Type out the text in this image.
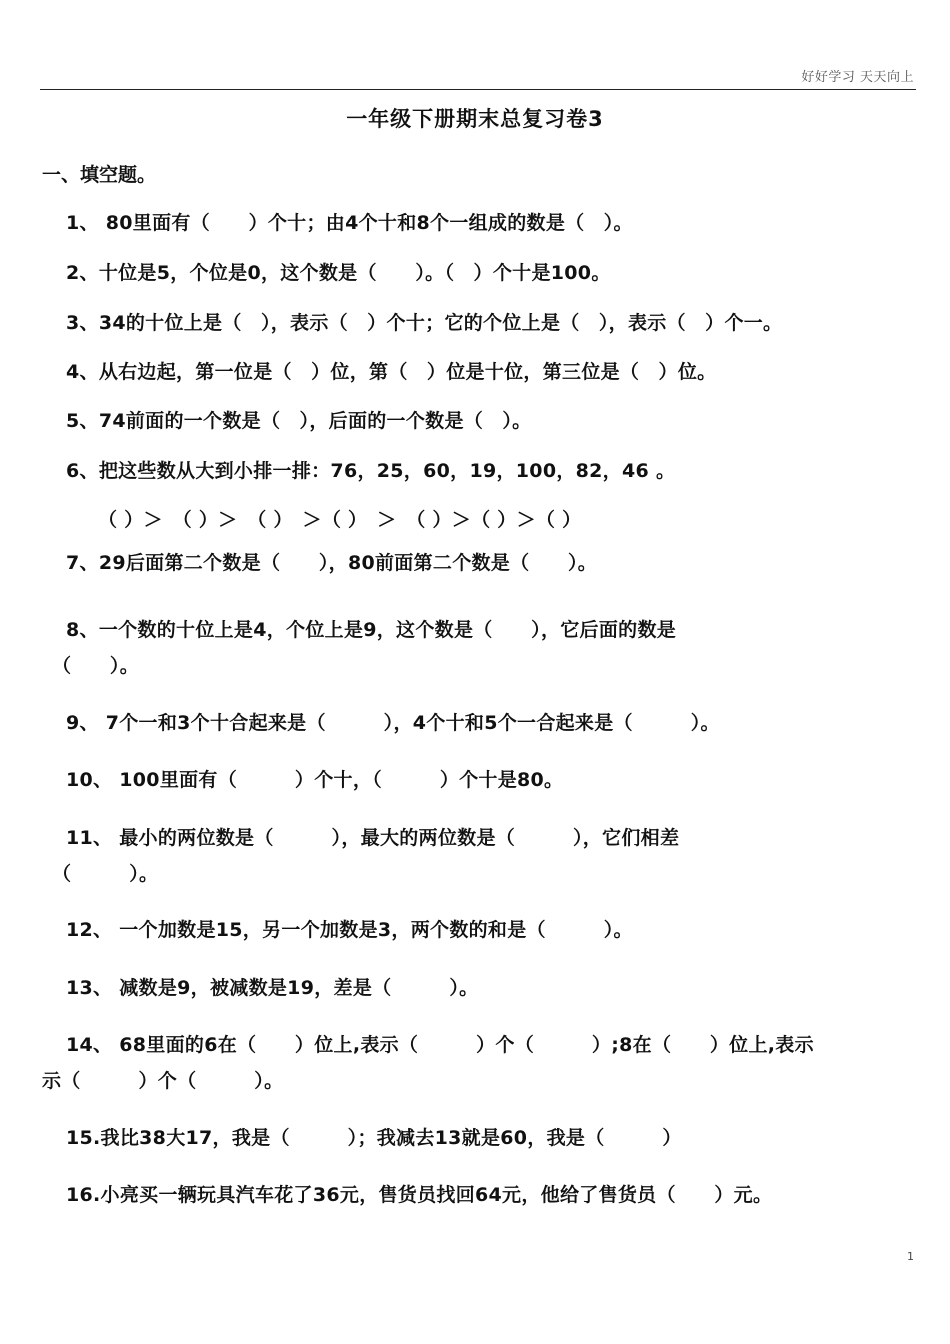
好好学习 天天向上
一年级下册期末总复习卷3
一、填空题。
1、 80里面有（　　）个十；由4个十和8个一组成的数是（　）。
2、十位是5，个位是0，这个数是（　　）。（　）个十是100。
3、34的十位上是（　），表示（　）个十；它的个位上是（　），表示（　）个一。
4、从右边起，第一位是（　）位，第（　）位是十位，第三位是（　）位。
5、74前面的一个数是（　），后面的一个数是（　）。
6、把这些数从大到小排一排：76，25，60，19，100，82，46 。
（ ）＞　（ ）＞　（ ）　＞（ ）　＞　（ ）＞（ ）＞（ ）
7、29后面第二个数是（　　），80前面第二个数是（　　）。
8、一个数的十位上是4，个位上是9，这个数是（　　），它后面的数是
（　　）。
9、 7个一和3个十合起来是（　　　），4个十和5个一合起来是（　　　）。
10、 100里面有（　　　）个十，（　　　）个十是80。
11、 最小的两位数是（　　　），最大的两位数是（　　　），它们相差
（　　　）。
12、 一个加数是15，另一个加数是3，两个数的和是（　　　）。
13、 减数是9，被减数是19，差是（　　　）。
14、 68里面的6在（　　）位上,表示（　　　）个（　　　）;8在（　　）位上,表示
示（　　　）个（　　　）。
15.我比38大17，我是（　　　）；我减去13就是60，我是（　　　）
16.小亮买一辆玩具汽车花了36元，售货员找回64元，他给了售货员（　　）元。
1
